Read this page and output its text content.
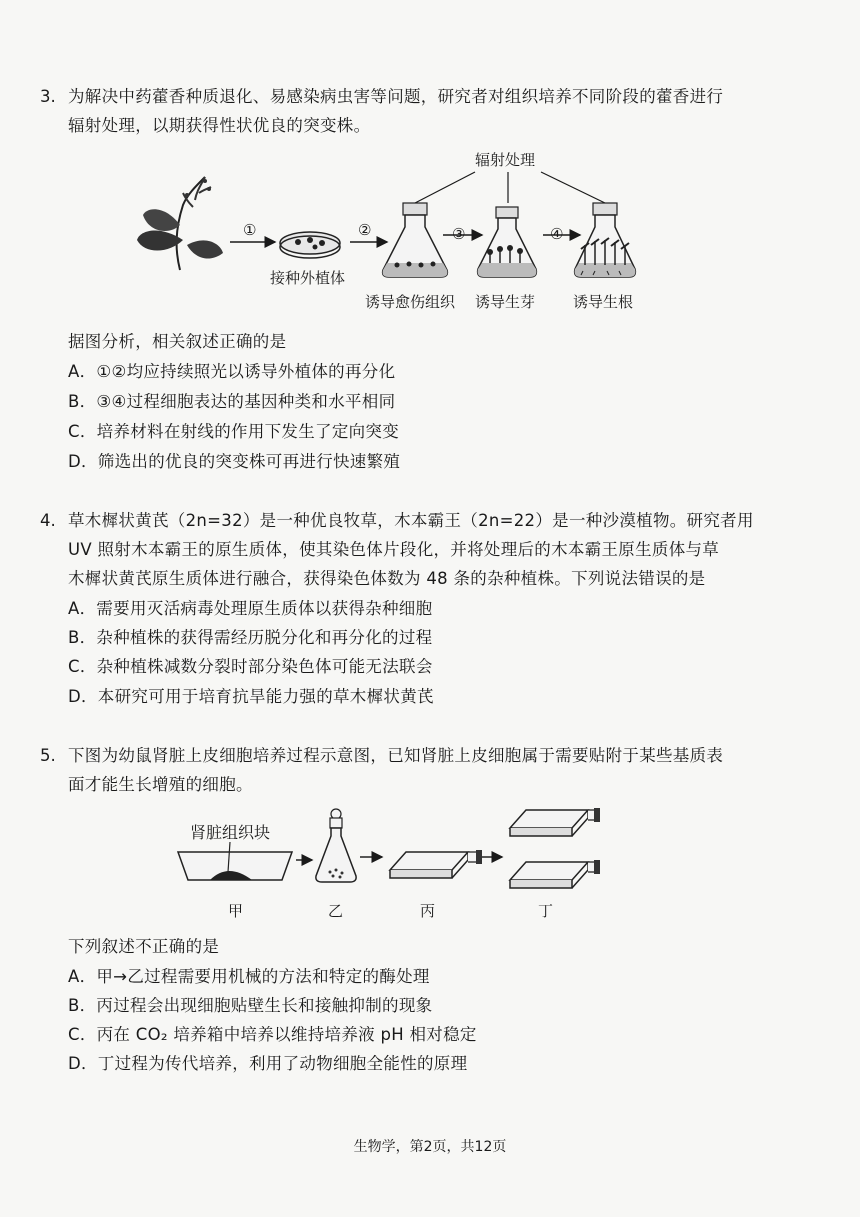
3. 为解决中药藿香种质退化、易感染病虫害等问题，研究者对组织培养不同阶段的藿香进行
辐射处理，以期获得性状优良的突变株。
辐射处理
①
接种外植体
②
诱导愈伤组织
③
诱导生芽
④
诱导生根
据图分析，相关叙述正确的是
A．①②均应持续照光以诱导外植体的再分化
B．③④过程细胞表达的基因种类和水平相同
C．培养材料在射线的作用下发生了定向突变
D．筛选出的优良的突变株可再进行快速繁殖
4. 草木樨状黄芪（2n=32）是一种优良牧草，木本霸王（2n=22）是一种沙漠植物。研究者用
UV 照射木本霸王的原生质体，使其染色体片段化，并将处理后的木本霸王原生质体与草
木樨状黄芪原生质体进行融合，获得染色体数为 48 条的杂种植株。下列说法错误的是
A．需要用灭活病毒处理原生质体以获得杂种细胞
B．杂种植株的获得需经历脱分化和再分化的过程
C．杂种植株减数分裂时部分染色体可能无法联会
D．本研究可用于培育抗旱能力强的草木樨状黄芪
5. 下图为幼鼠肾脏上皮细胞培养过程示意图，已知肾脏上皮细胞属于需要贴附于某些基质表
面才能生长增殖的细胞。
肾脏组织块
甲	乙	丙	丁
下列叙述不正确的是
A．甲→乙过程需要用机械的方法和特定的酶处理
B．丙过程会出现细胞贴壁生长和接触抑制的现象
C．丙在 CO₂ 培养箱中培养以维持培养液 pH 相对稳定
D．丁过程为传代培养，利用了动物细胞全能性的原理
生物学，第2页，共12页
